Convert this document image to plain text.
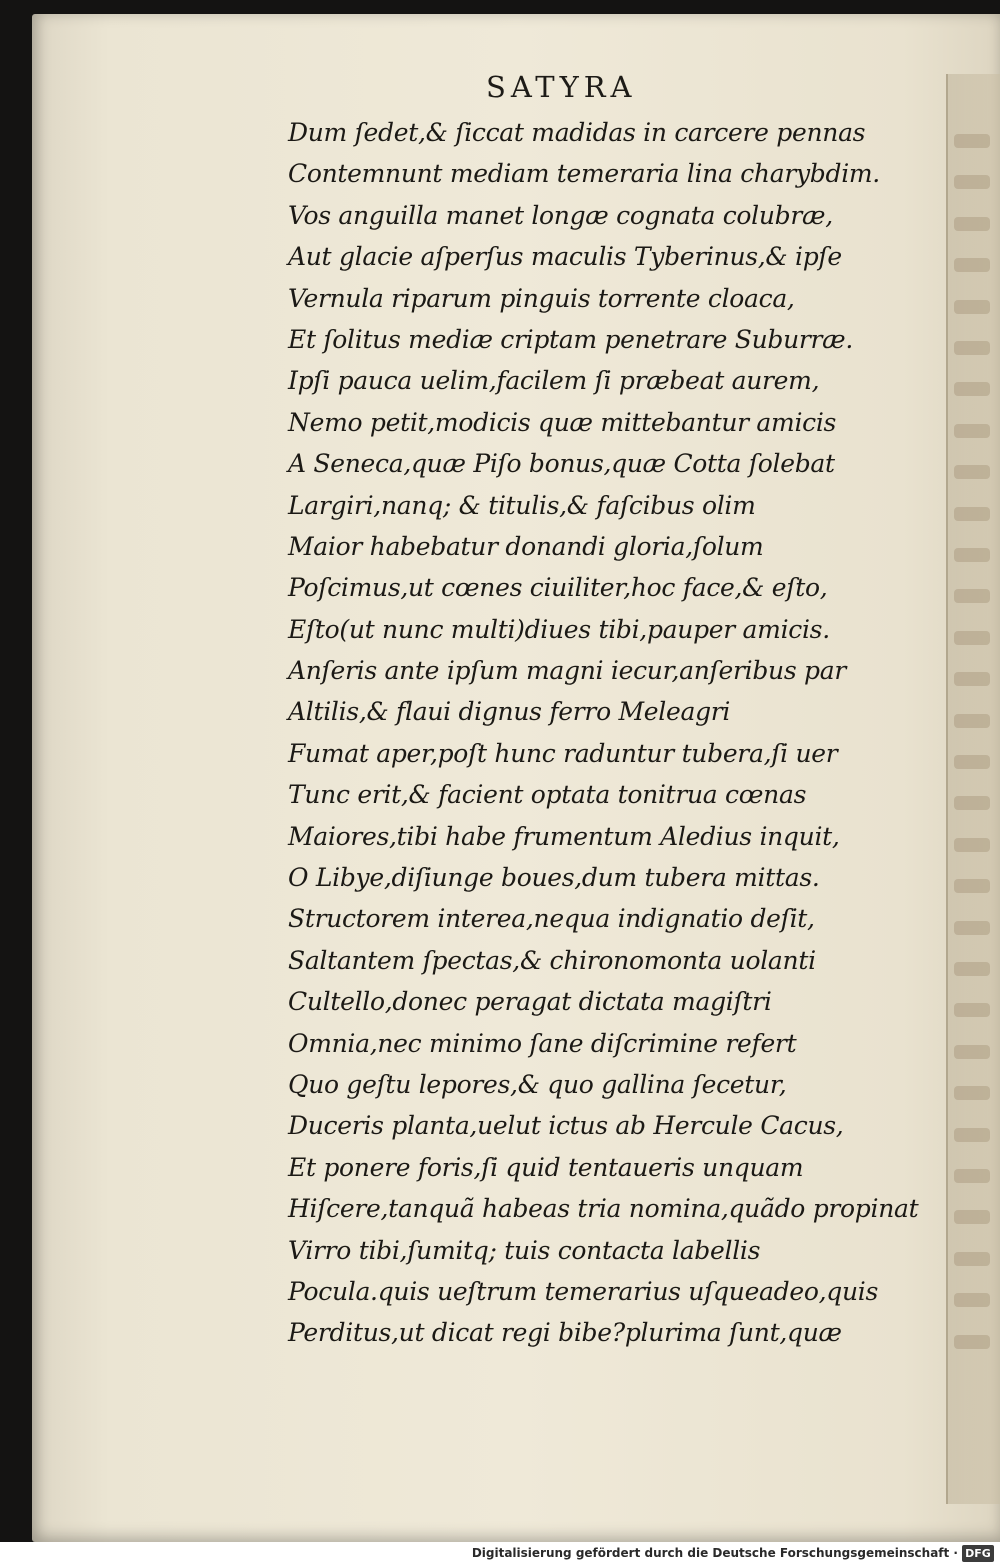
SATYRA
Dum ſedet,& ſiccat madidas in carcere pennas
Contemnunt mediam temeraria lina charybdim.
Vos anguilla manet longæ cognata colubræ,
Aut glacie aſperſus maculis Tyberinus,& ipſe
Vernula riparum pinguis torrente cloaca,
Et ſolitus mediæ criptam penetrare Suburræ.
Ipſi pauca uelim,facilem ſi præbeat aurem,
Nemo petit,modicis quæ mittebantur amicis
A Seneca,quæ Piſo bonus,quæ Cotta ſolebat
Largiri,nanq; & titulis,& faſcibus olim
Maior habebatur donandi gloria,ſolum
Poſcimus,ut cœnes ciuiliter,hoc face,& eſto,
Eſto(ut nunc multi)diues tibi,pauper amicis.
Anſeris ante ipſum magni iecur,anſeribus par
Altilis,& flaui dignus ferro Meleagri
Fumat aper,poſt hunc raduntur tubera,ſi uer
Tunc erit,& facient optata tonitrua cœnas
Maiores,tibi habe frumentum Aledius inquit,
O Libye,diſiunge boues,dum tubera mittas.
Structorem interea,nequa indignatio deſit,
Saltantem ſpectas,& chironomonta uolanti
Cultello,donec peragat dictata magiſtri
Omnia,nec minimo ſane diſcrimine refert
Quo geſtu lepores,& quo gallina ſecetur,
Duceris planta,uelut ictus ab Hercule Cacus,
Et ponere foris,ſi quid tentaueris unquam
Hiſcere,tanquã habeas tria nomina,quãdo propinat
Virro tibi,ſumitq; tuis contacta labellis
Pocula.quis ueſtrum temerarius uſqueadeo,quis
Perditus,ut dicat regi bibe?plurima ſunt,quæ
Digitalisierung gefördert durch die Deutsche Forschungsgemeinschaft · DFG
